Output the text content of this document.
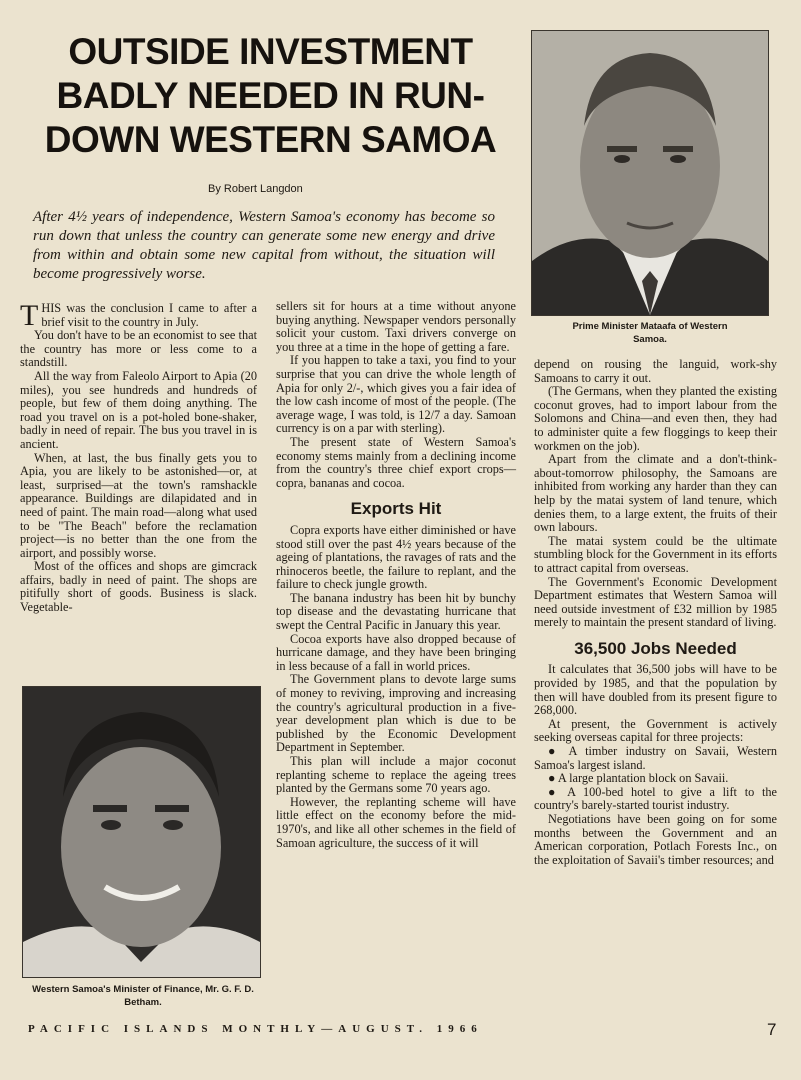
OUTSIDE INVESTMENT BADLY NEEDED IN RUN-DOWN WESTERN SAMOA
By Robert Langdon
After 4½ years of independence, Western Samoa's economy has become so run down that unless the country can generate some new energy and drive from within and obtain some new capital from without, the situation will become progressively worse.

THIS was the conclusion I came to after a brief visit to the country in July.

You don't have to be an economist to see that the country has more or less come to a standstill.

All the way from Faleolo Airport to Apia (20 miles), you see hundreds and hundreds of people, but few of them doing anything. The road you travel on is a pot-holed bone-shaker, badly in need of repair. The bus you travel in is ancient.

When, at last, the bus finally gets you to Apia, you are likely to be astonished—or, at least, surprised—at the town's ramshackle appearance. Buildings are dilapidated and in need of paint. The main road—along what used to be "The Beach" before the reclamation project—is no better than the one from the airport, and possibly worse.

Most of the offices and shops are gimcrack affairs, badly in need of paint. The shops are pitifully short of goods. Business is slack. Vegetable-

sellers sit for hours at a time without anyone buying anything. Newspaper vendors personally solicit your custom. Taxi drivers converge on you three at a time in the hope of getting a fare.

If you happen to take a taxi, you find to your surprise that you can drive the whole length of Apia for only 2/-, which gives you a fair idea of the low cash income of most of the people. (The average wage, I was told, is 12/7 a day. Samoan currency is on a par with sterling).

The present state of Western Samoa's economy stems mainly from a declining income from the country's three chief export crops—copra, bananas and cocoa.

Exports Hit

Copra exports have either diminished or have stood still over the past 4½ years because of the ageing of plantations, the ravages of rats and the rhinoceros beetle, the failure to replant, and the failure to check jungle growth.

The banana industry has been hit by bunchy top disease and the devastating hurricane that swept the Central Pacific in January this year.

Cocoa exports have also dropped because of hurricane damage, and they have been bringing in less because of a fall in world prices.

The Government plans to devote large sums of money to reviving, improving and increasing the country's agricultural production in a five-year development plan which is due to be published by the Economic Development Department in September.

This plan will include a major coconut replanting scheme to replace the ageing trees planted by the Germans some 70 years ago.

However, the replanting scheme will have little effect on the economy before the mid-1970's, and like all other schemes in the field of Samoan agriculture, the success of it will

depend on rousing the languid, work-shy Samoans to carry it out.

(The Germans, when they planted the existing coconut groves, had to import labour from the Solomons and China—and even then, they had to administer quite a few floggings to keep their workmen on the job).

Apart from the climate and a don't-think-about-tomorrow philosophy, the Samoans are inhibited from working any harder than they can help by the matai system of land tenure, which denies them, to a large extent, the fruits of their own labours.

The matai system could be the ultimate stumbling block for the Government in its efforts to attract capital from overseas.

The Government's Economic Development Department estimates that Western Samoa will need outside investment of £32 million by 1985 merely to maintain the present standard of living.

36,500 Jobs Needed

It calculates that 36,500 jobs will have to be provided by 1985, and that the population by then will have doubled from its present figure to 268,000.

At present, the Government is actively seeking overseas capital for three projects:

● A timber industry on Savaii, Western Samoa's largest island.

● A large plantation block on Savaii.

● A 100-bed hotel to give a lift to the country's barely-started tourist industry.

Negotiations have been going on for some months between the Government and an American corporation, Potlach Forests Inc., on the exploitation of Savaii's timber resources; and

Prime Minister Mataafa of Western Samoa.
Western Samoa's Minister of Finance, Mr. G. F. D. Betham.
PACIFIC ISLANDS MONTHLY—AUGUST. 1966	7
